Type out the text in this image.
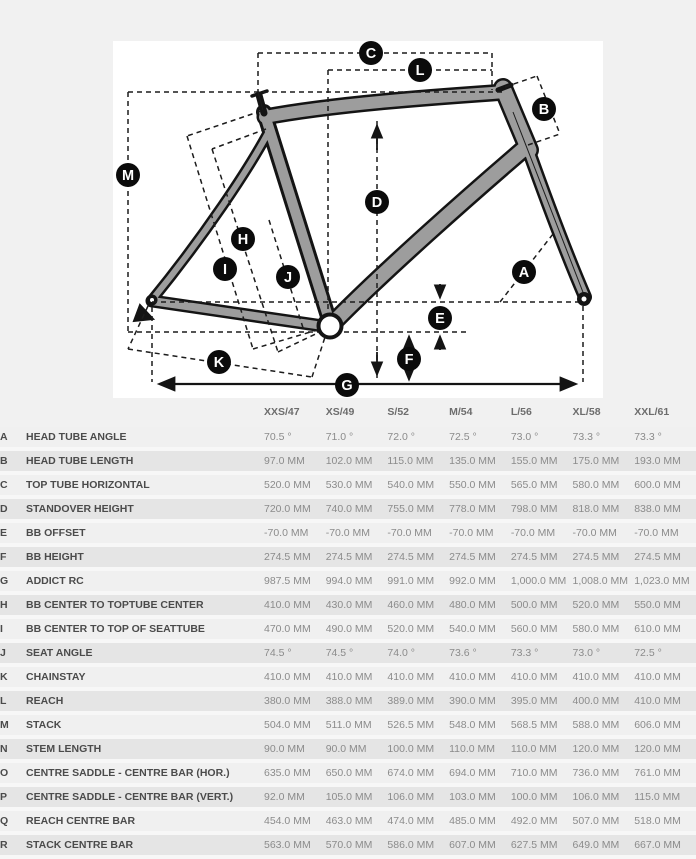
A
B
C
D
E
F
G
H
I	J
K
L
M
		XXS/47	XS/49	S/52	M/54	L/56	XL/58	XXL/61
A	HEAD TUBE ANGLE	70.5 °	71.0 °	72.0 °	72.5 °	73.0 °	73.3 °	73.3 °
B	HEAD TUBE LENGTH	97.0 MM	102.0 MM	115.0 MM	135.0 MM	155.0 MM	175.0 MM	193.0 MM
C	TOP TUBE HORIZONTAL	520.0 MM	530.0 MM	540.0 MM	550.0 MM	565.0 MM	580.0 MM	600.0 MM
D	STANDOVER HEIGHT	720.0 MM	740.0 MM	755.0 MM	778.0 MM	798.0 MM	818.0 MM	838.0 MM
E	BB OFFSET	-70.0 MM	-70.0 MM	-70.0 MM	-70.0 MM	-70.0 MM	-70.0 MM	-70.0 MM
F	BB HEIGHT	274.5 MM	274.5 MM	274.5 MM	274.5 MM	274.5 MM	274.5 MM	274.5 MM
G	ADDICT RC	987.5 MM	994.0 MM	991.0 MM	992.0 MM	1,000.0 MM	1,008.0 MM	1,023.0 MM
H	BB CENTER TO TOPTUBE CENTER	410.0 MM	430.0 MM	460.0 MM	480.0 MM	500.0 MM	520.0 MM	550.0 MM
I	BB CENTER TO TOP OF SEATTUBE	470.0 MM	490.0 MM	520.0 MM	540.0 MM	560.0 MM	580.0 MM	610.0 MM
J	SEAT ANGLE	74.5 °	74.5 °	74.0 °	73.6 °	73.3 °	73.0 °	72.5 °
K	CHAINSTAY	410.0 MM	410.0 MM	410.0 MM	410.0 MM	410.0 MM	410.0 MM	410.0 MM
L	REACH	380.0 MM	388.0 MM	389.0 MM	390.0 MM	395.0 MM	400.0 MM	410.0 MM
M	STACK	504.0 MM	511.0 MM	526.5 MM	548.0 MM	568.5 MM	588.0 MM	606.0 MM
N	STEM LENGTH	90.0 MM	90.0 MM	100.0 MM	110.0 MM	110.0 MM	120.0 MM	120.0 MM
O	CENTRE SADDLE - CENTRE BAR (HOR.)	635.0 MM	650.0 MM	674.0 MM	694.0 MM	710.0 MM	736.0 MM	761.0 MM
P	CENTRE SADDLE - CENTRE BAR (VERT.)	92.0 MM	105.0 MM	106.0 MM	103.0 MM	100.0 MM	106.0 MM	115.0 MM
Q	REACH CENTRE BAR	454.0 MM	463.0 MM	474.0 MM	485.0 MM	492.0 MM	507.0 MM	518.0 MM
R	STACK CENTRE BAR	563.0 MM	570.0 MM	586.0 MM	607.0 MM	627.5 MM	649.0 MM	667.0 MM
